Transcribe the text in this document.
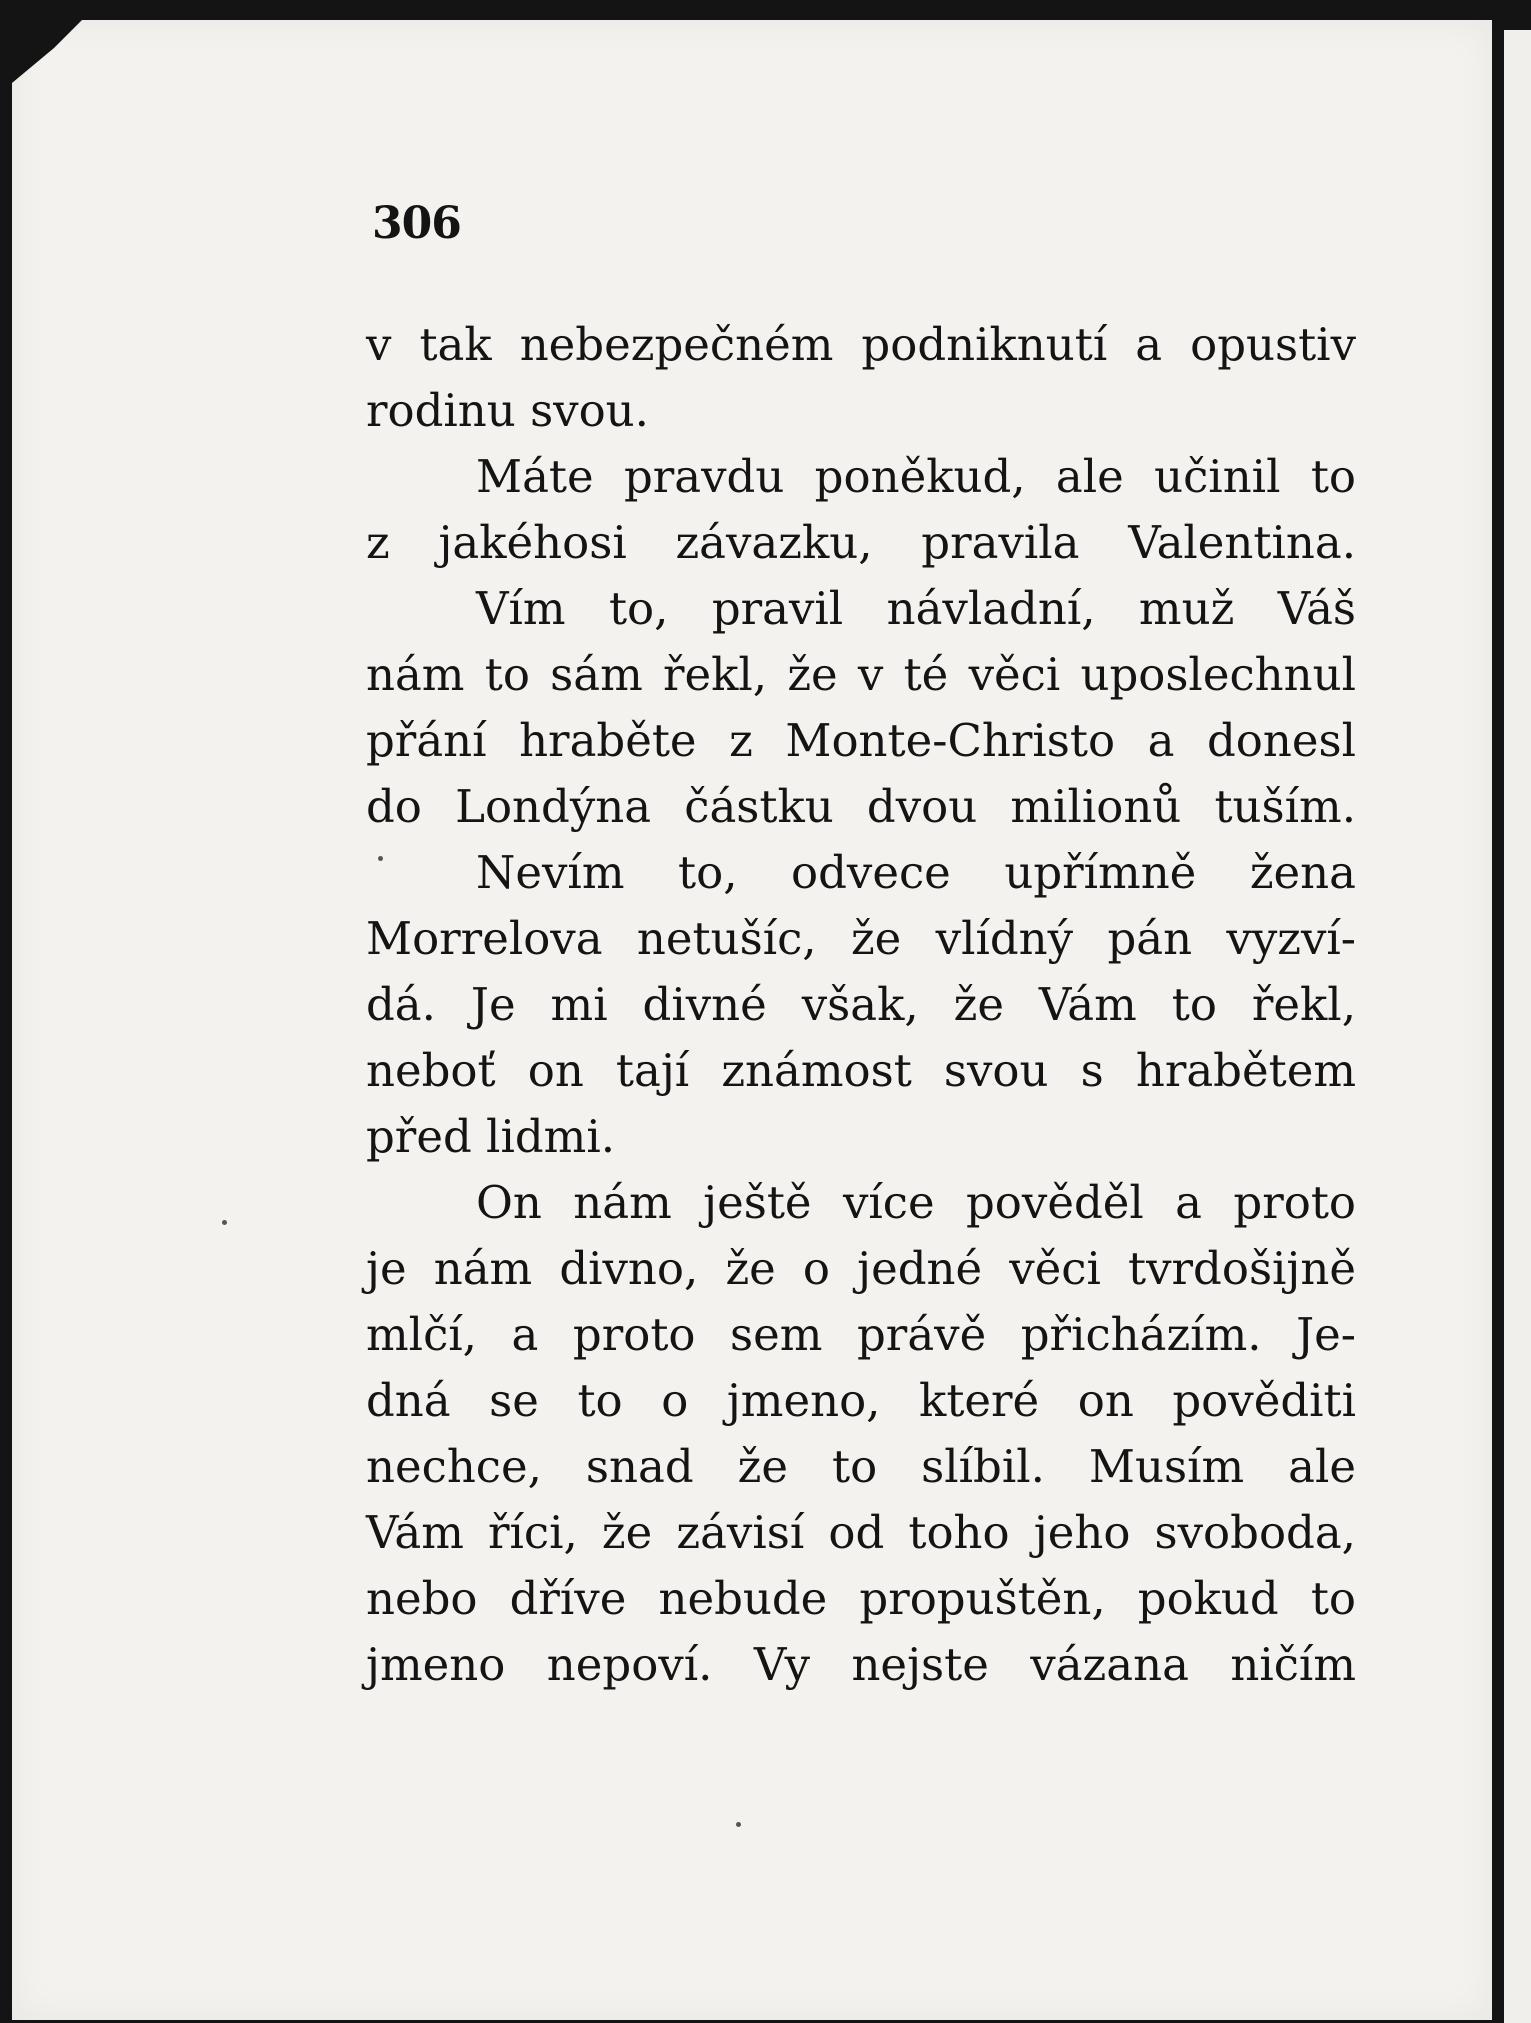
306
v tak nebezpečném podniknutí a opustiv
rodinu svou.
Máte pravdu poněkud, ale učinil to
z jakéhosi závazku, pravila Valentina.
Vím to, pravil návladní, muž Váš
nám to sám řekl, že v té věci uposlechnul
přání hraběte z Monte-Christo a donesl
do Londýna částku dvou milionů tuším.
Nevím to, odvece upřímně žena
Morrelova netušíc, že vlídný pán vyzví-
dá. Je mi divné však, že Vám to řekl,
neboť on tají známost svou s hrabětem
před lidmi.
On nám ještě více pověděl a proto
je nám divno, že o jedné věci tvrdošijně
mlčí, a proto sem právě přicházím. Je-
dná se to o jmeno, které on pověditi
nechce, snad že to slíbil. Musím ale
Vám říci, že závisí od toho jeho svoboda,
nebo dříve nebude propuštěn, pokud to
jmeno nepoví. Vy nejste vázana ničím
